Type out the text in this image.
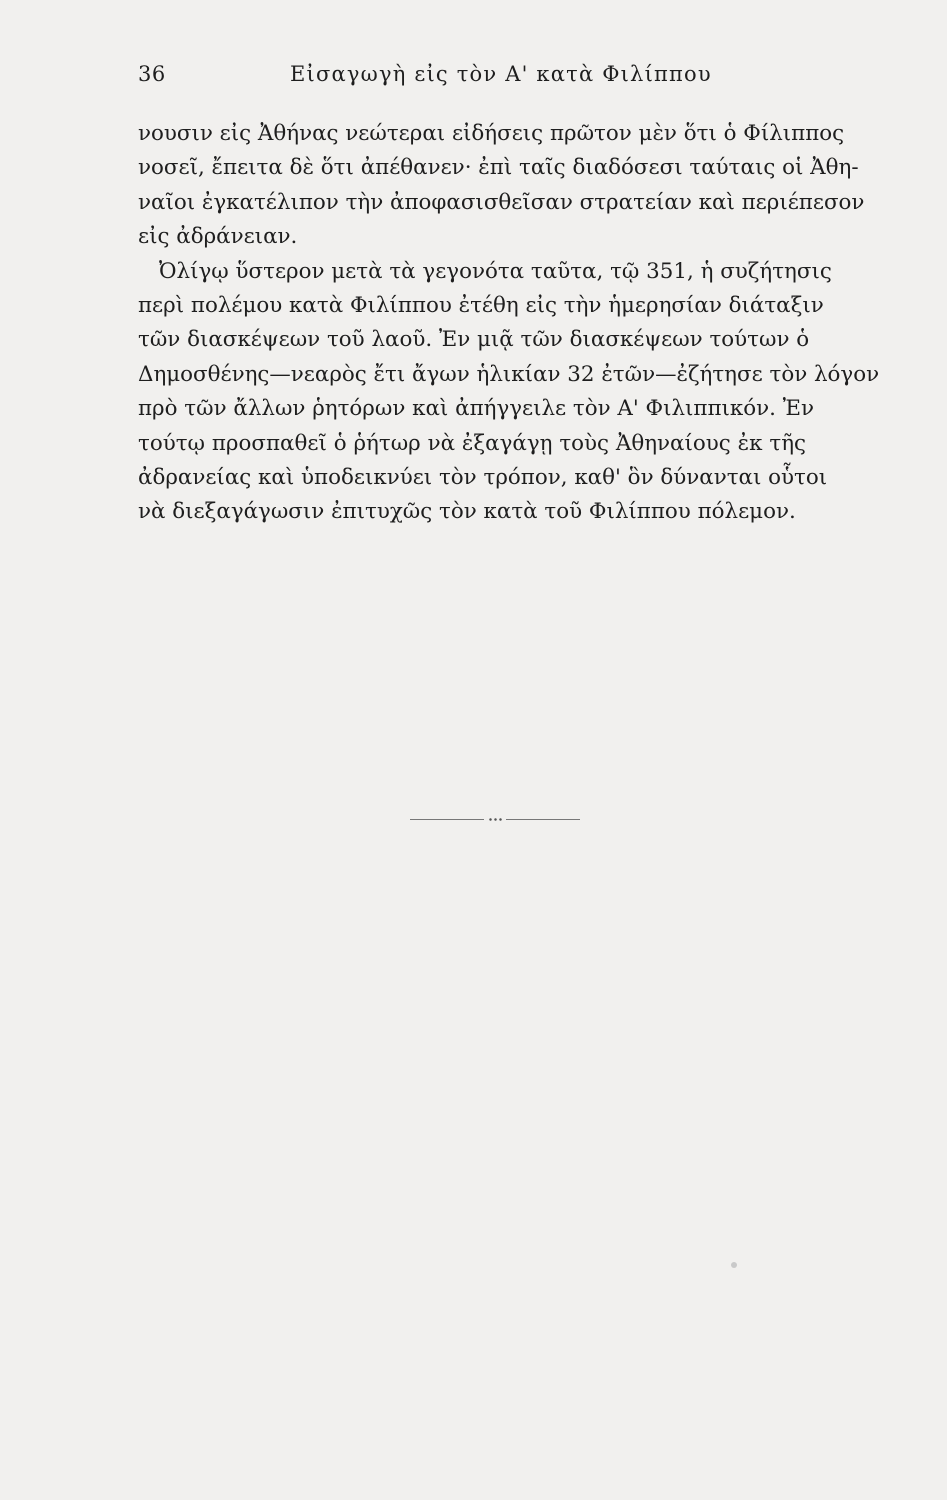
36	Εἰσαγωγὴ εἰς τὸν Α' κατὰ Φιλίππου
νουσιν εἰς Ἀθήνας νεώτεραι εἰδήσεις πρῶτον μὲν ὅτι ὁ Φίλιππος
νοσεῖ, ἔπειτα δὲ ὅτι ἀπέθανεν· ἐπὶ ταῖς διαδόσεσι ταύταις οἱ Ἀθη-
ναῖοι ἐγκατέλιπον τὴν ἀποφασισθεῖσαν στρατείαν καὶ περιέπεσον
εἰς ἀδράνειαν.
Ὀλίγῳ ὕστερον μετὰ τὰ γεγονότα ταῦτα, τῷ 351, ἡ συζήτησις
περὶ πολέμου κατὰ Φιλίππου ἐτέθη εἰς τὴν ἡμερησίαν διάταξιν
τῶν διασκέψεων τοῦ λαοῦ. Ἐν μιᾷ τῶν διασκέψεων τούτων ὁ
Δημοσθένης—νεαρὸς ἔτι ἄγων ἡλικίαν 32 ἐτῶν—ἐζήτησε τὸν λόγον
πρὸ τῶν ἄλλων ῥητόρων καὶ ἀπήγγειλε τὸν Α' Φιλιππικόν. Ἐν
τούτῳ προσπαθεῖ ὁ ῥήτωρ νὰ ἐξαγάγῃ τοὺς Ἀθηναίους ἐκ τῆς
ἀδρανείας καὶ ὑποδεικνύει τὸν τρόπον, καθ' ὃν δύνανται οὗτοι
νὰ διεξαγάγωσιν ἐπιτυχῶς τὸν κατὰ τοῦ Φιλίππου πόλεμον.
